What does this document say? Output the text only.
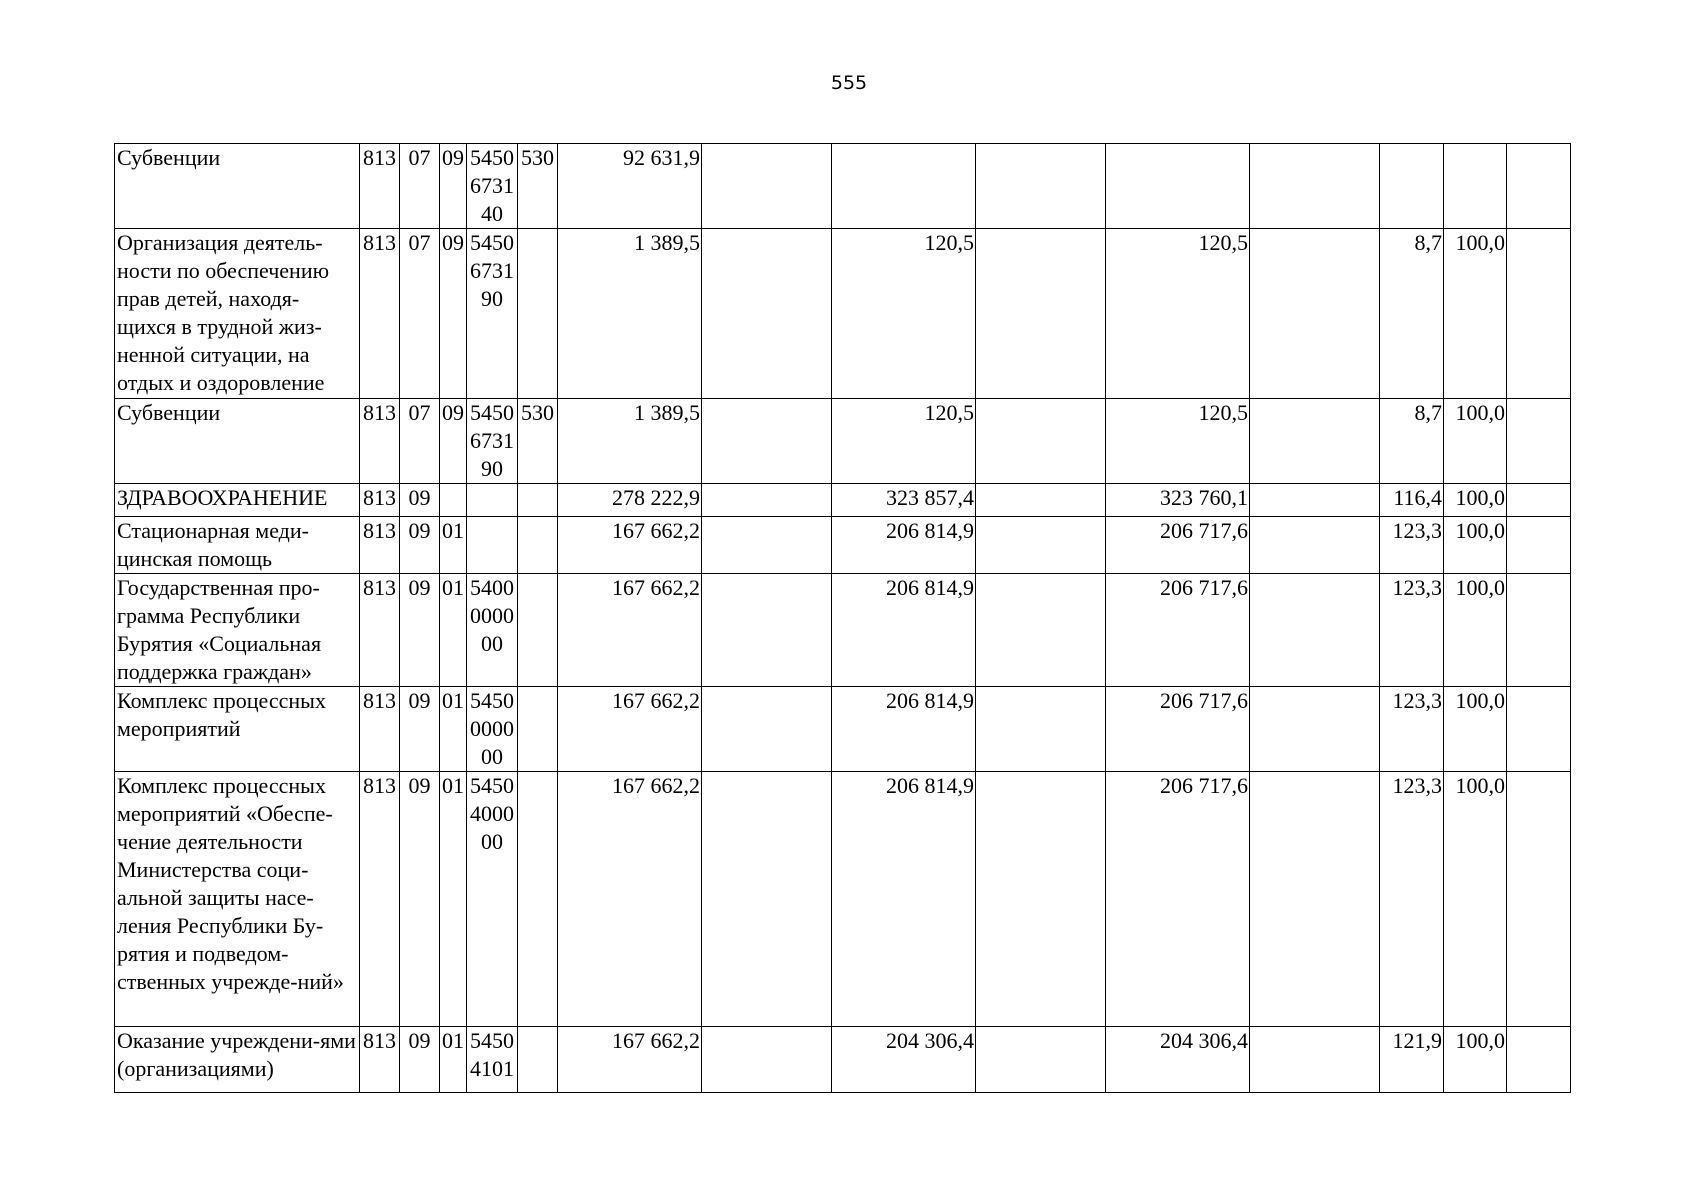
555
Субвенции	813	07	09	5450
6731
40	530	92 631,9								
Организация деятель-ности по обеспечению прав детей, находя-щихся в трудной жиз-ненной ситуации, на отдых и оздоровление	813	07	09	5450
6731
90		1 389,5		120,5		120,5		8,7	100,0	
Субвенции	813	07	09	5450
6731
90	530	1 389,5		120,5		120,5		8,7	100,0	
ЗДРАВООХРАНЕНИЕ	813	09				278 222,9		323 857,4		323 760,1		116,4	100,0	
Стационарная меди-цинская помощь	813	09	01			167 662,2		206 814,9		206 717,6		123,3	100,0	
Государственная про-грамма Республики Бурятия «Социальная поддержка граждан»	813	09	01	5400
0000
00		167 662,2		206 814,9		206 717,6		123,3	100,0	
Комплекс процессных мероприятий	813	09	01	5450
0000
00		167 662,2		206 814,9		206 717,6		123,3	100,0	
Комплекс процессных мероприятий «Обеспе-чение деятельности Министерства соци-альной защиты насе-ления Республики Бу-рятия и подведом-ственных учрежде-ний»	813	09	01	5450
4000
00		167 662,2		206 814,9		206 717,6		123,3	100,0	
Оказание учреждени-ями (организациями)	813	09	01	5450
4101		167 662,2		204 306,4		204 306,4		121,9	100,0	
